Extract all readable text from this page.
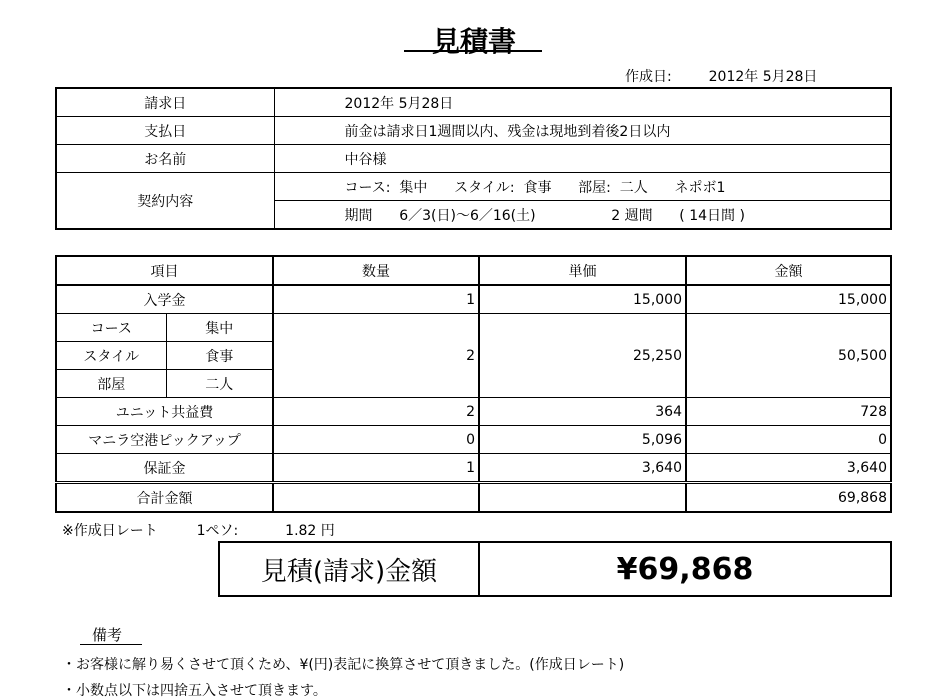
見積書
作成日:	2012年 5月28日
請求日	2012年 5月28日
支払日	前金は請求日1週間以内、残金は現地到着後2日以内
お名前	中谷様
契約内容	コース:  集中      スタイル:  食事      部屋:  二人      ネポボ1
	期間      6／3(日)～6／16(土)                 2 週間      ( 14日間 )
項目		数量	単価	金額
入学金		1	15,000	15,000
コース	集中	2	25,250	50,500
スタイル	食事			
部屋	二人			
ユニット共益費		2	364	728
マニラ空港ピックアップ		0	5,096	0
保証金		1	3,640	3,640
合計金額				69,868
※作成日レート	1ペソ:	1.82 円
見積(請求)金額	¥69,868
備考
・お客様に解り易くさせて頂くため、¥(円)表記に換算させて頂きました。(作成日レート)
・小数点以下は四捨五入させて頂きます。
